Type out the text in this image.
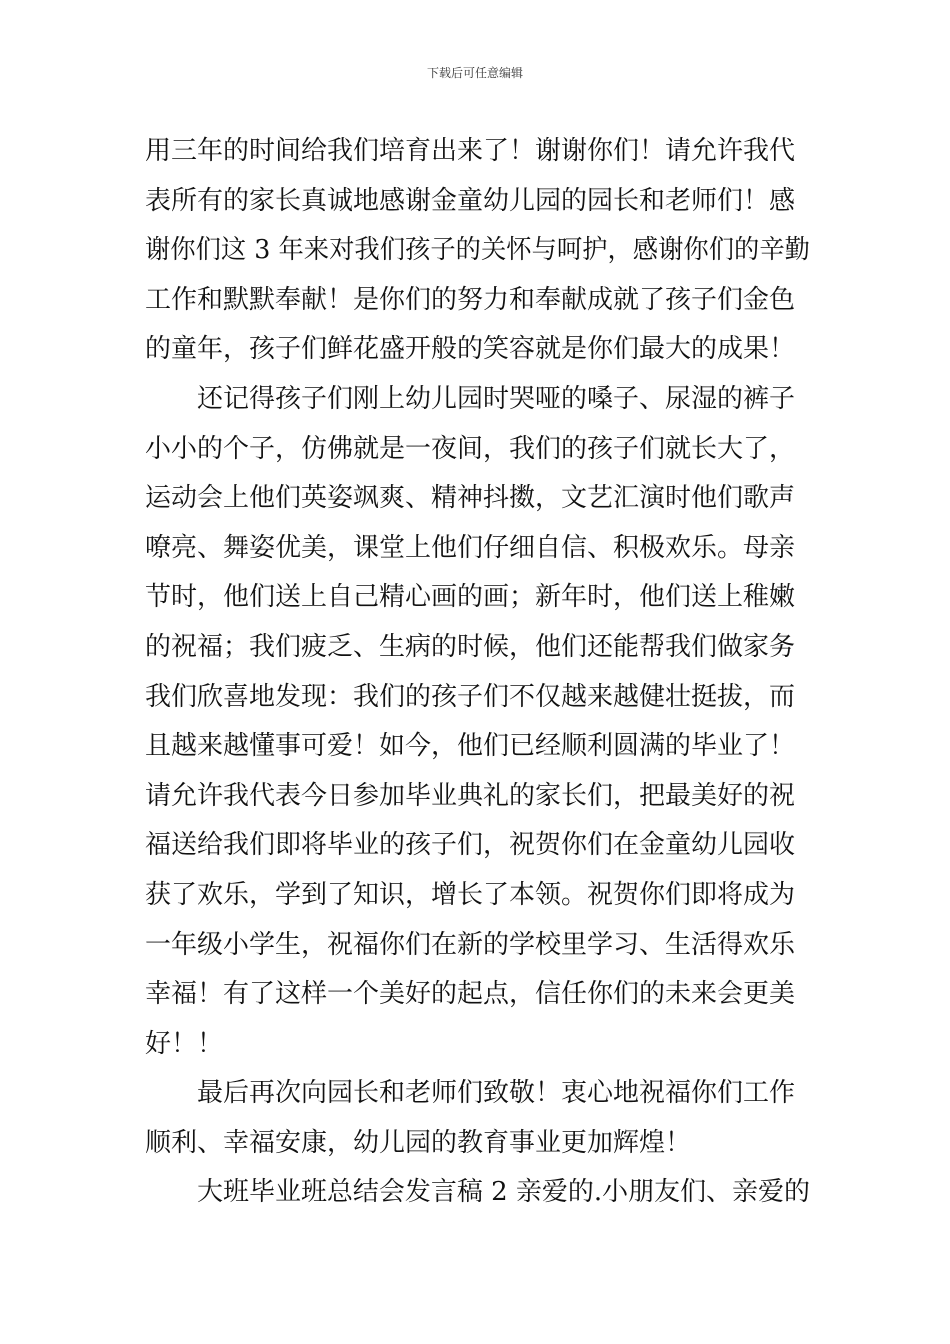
下载后可任意编辑
用三年的时间给我们培育出来了！谢谢你们！请允许我代
表所有的家长真诚地感谢金童幼儿园的园长和老师们！感
谢你们这 3 年来对我们孩子的关怀与呵护，感谢你们的辛勤
工作和默默奉献！是你们的努力和奉献成就了孩子们金色
的童年，孩子们鲜花盛开般的笑容就是你们最大的成果！
还记得孩子们刚上幼儿园时哭哑的嗓子、尿湿的裤子
小小的个子，仿佛就是一夜间，我们的孩子们就长大了，
运动会上他们英姿飒爽、精神抖擞，文艺汇演时他们歌声
嘹亮、舞姿优美，课堂上他们仔细自信、积极欢乐。母亲
节时，他们送上自己精心画的画；新年时，他们送上稚嫩
的祝福；我们疲乏、生病的时候，他们还能帮我们做家务
我们欣喜地发现：我们的孩子们不仅越来越健壮挺拔，而
且越来越懂事可爱！如今，他们已经顺利圆满的毕业了！
请允许我代表今日参加毕业典礼的家长们，把最美好的祝
福送给我们即将毕业的孩子们，祝贺你们在金童幼儿园收
获了欢乐，学到了知识，增长了本领。祝贺你们即将成为
一年级小学生，祝福你们在新的学校里学习、生活得欢乐
幸福！有了这样一个美好的起点，信任你们的未来会更美
好！！
最后再次向园长和老师们致敬！衷心地祝福你们工作
顺利、幸福安康，幼儿园的教育事业更加辉煌！
大班毕业班总结会发言稿 2 亲爱的.小朋友们、亲爱的
